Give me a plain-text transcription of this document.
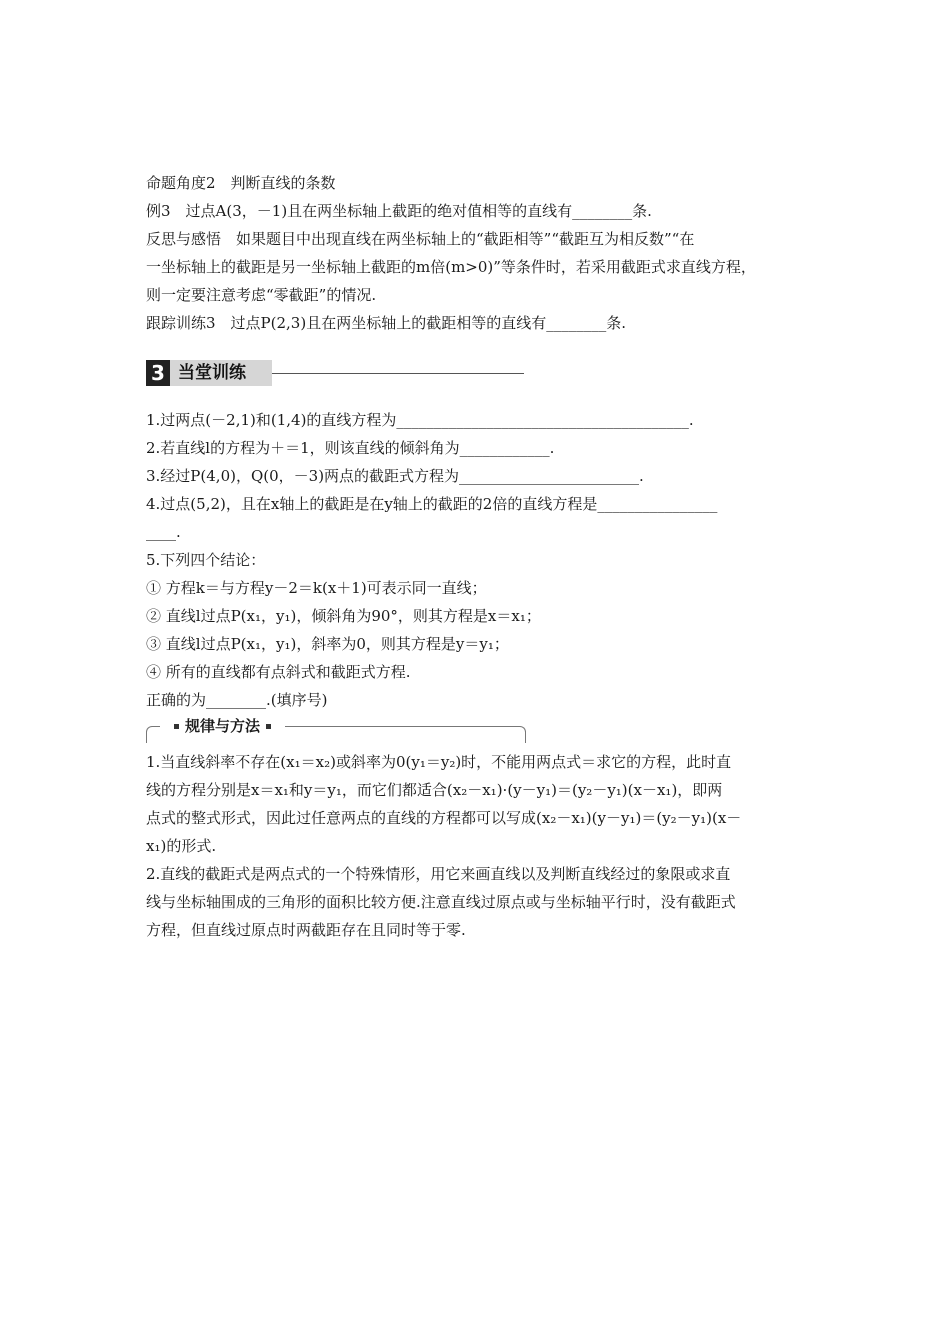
命题角度2　判断直线的条数
例3　过点A(3，－1)且在两坐标轴上截距的绝对值相等的直线有________条.
反思与感悟　如果题目中出现直线在两坐标轴上的“截距相等”“截距互为相反数”“在
一坐标轴上的截距是另一坐标轴上截距的m倍(m>0)”等条件时，若采用截距式求直线方程，
则一定要注意考虑“零截距”的情况.
跟踪训练3　过点P(2,3)且在两坐标轴上的截距相等的直线有________条.
3 当堂训练
1.过两点(－2,1)和(1,4)的直线方程为_______________________________________.
2.若直线l的方程为＋＝1，则该直线的倾斜角为____________.
3.经过P(4,0)，Q(0，－3)两点的截距式方程为________________________.
4.过点(5,2)，且在x轴上的截距是在y轴上的截距的2倍的直线方程是________________
____.
5.下列四个结论：
① 方程k＝与方程y－2＝k(x＋1)可表示同一直线；
② 直线l过点P(x₁，y₁)，倾斜角为90°，则其方程是x＝x₁；
③ 直线l过点P(x₁，y₁)，斜率为0，则其方程是y＝y₁；
④ 所有的直线都有点斜式和截距式方程.
正确的为________.(填序号)
规律与方法
1.当直线斜率不存在(x₁＝x₂)或斜率为0(y₁＝y₂)时，不能用两点式＝求它的方程，此时直
线的方程分别是x＝x₁和y＝y₁，而它们都适合(x₂－x₁)·(y－y₁)＝(y₂－y₁)(x－x₁)，即两
点式的整式形式，因此过任意两点的直线的方程都可以写成(x₂－x₁)(y－y₁)＝(y₂－y₁)(x－
x₁)的形式.
2.直线的截距式是两点式的一个特殊情形，用它来画直线以及判断直线经过的象限或求直
线与坐标轴围成的三角形的面积比较方便.注意直线过原点或与坐标轴平行时，没有截距式
方程，但直线过原点时两截距存在且同时等于零.
